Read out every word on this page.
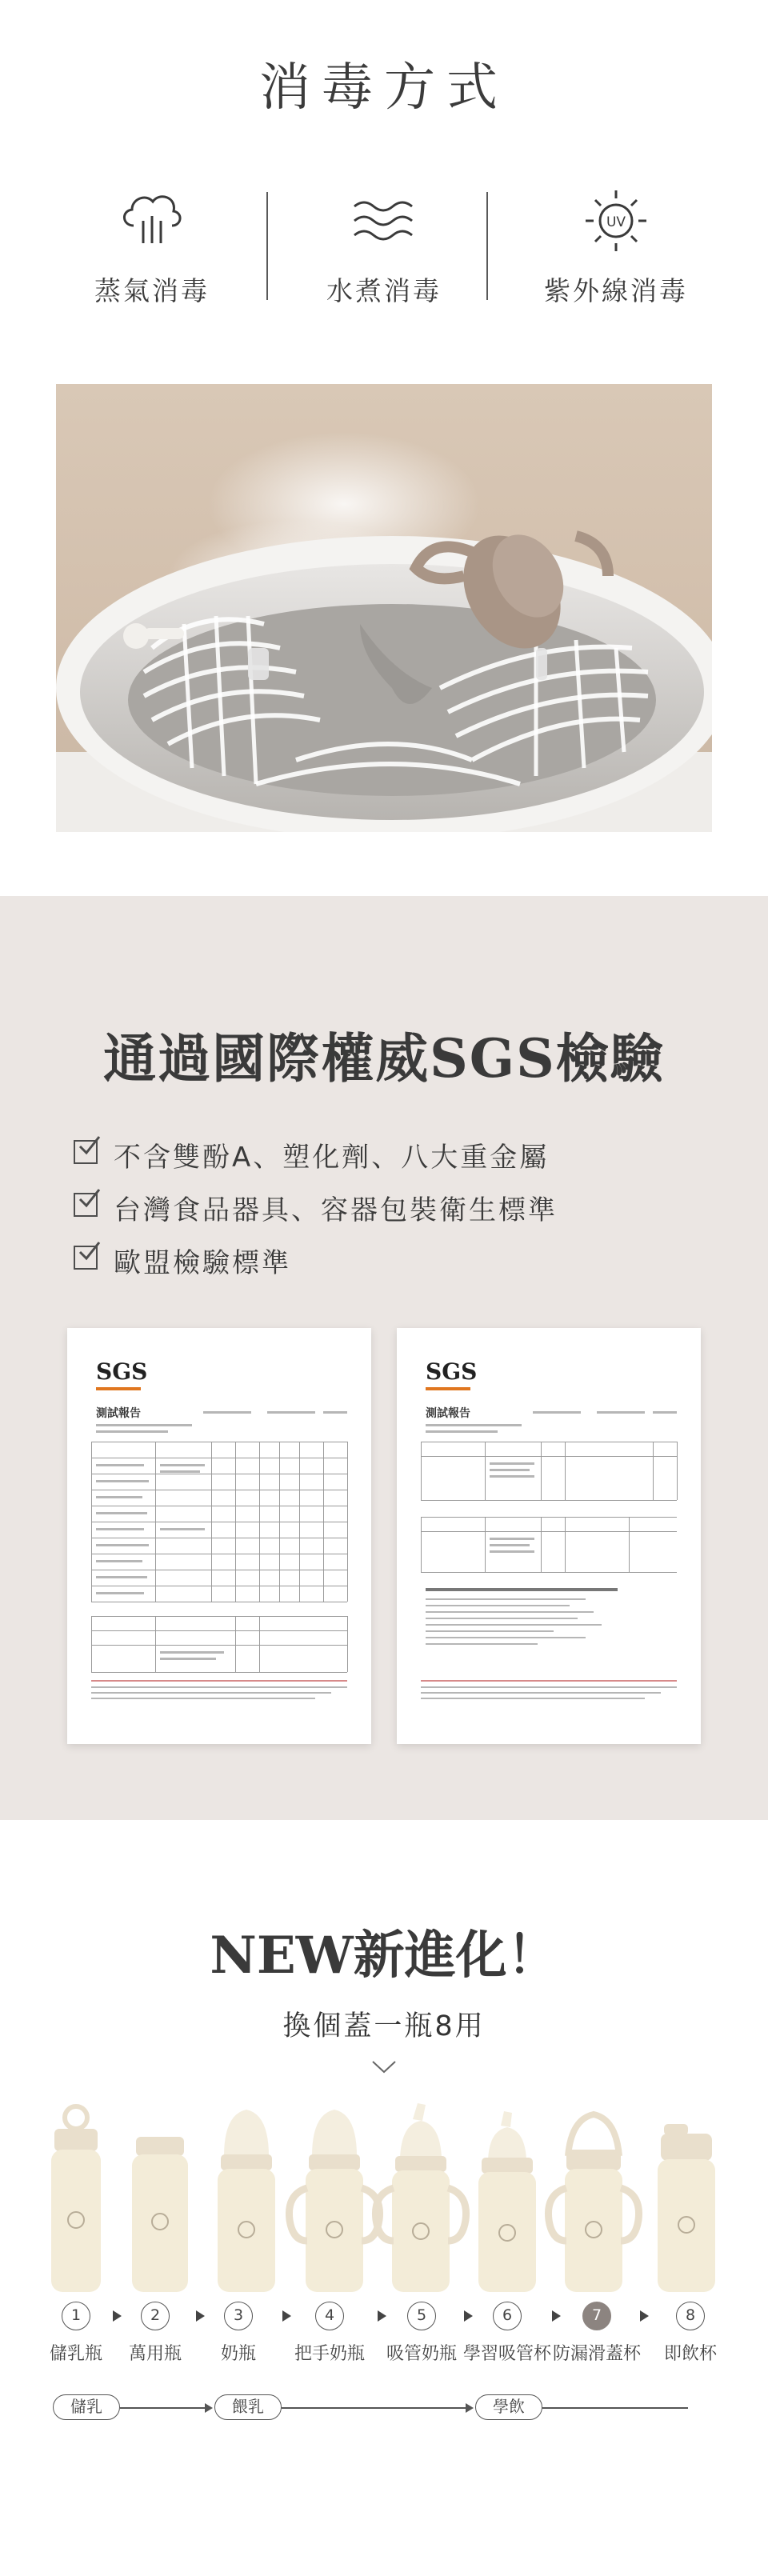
消毒方式
蒸氣消毒	水煮消毒
UV
紫外線消毒
通過國際權威SGS檢驗
不含雙酚A、塑化劑、八大重金屬
台灣食品器具、容器包裝衛生標準
歐盟檢驗標準
SGS
測試報告
SGS
測試報告
NEW新進化！
換個蓋一瓶8用
1	2	3	4	5	6	7	8
儲乳瓶	萬用瓶	奶瓶	把手奶瓶	吸管奶瓶 學習吸管杯 防漏滑蓋杯	即飲杯
儲乳	餵乳	學飲
